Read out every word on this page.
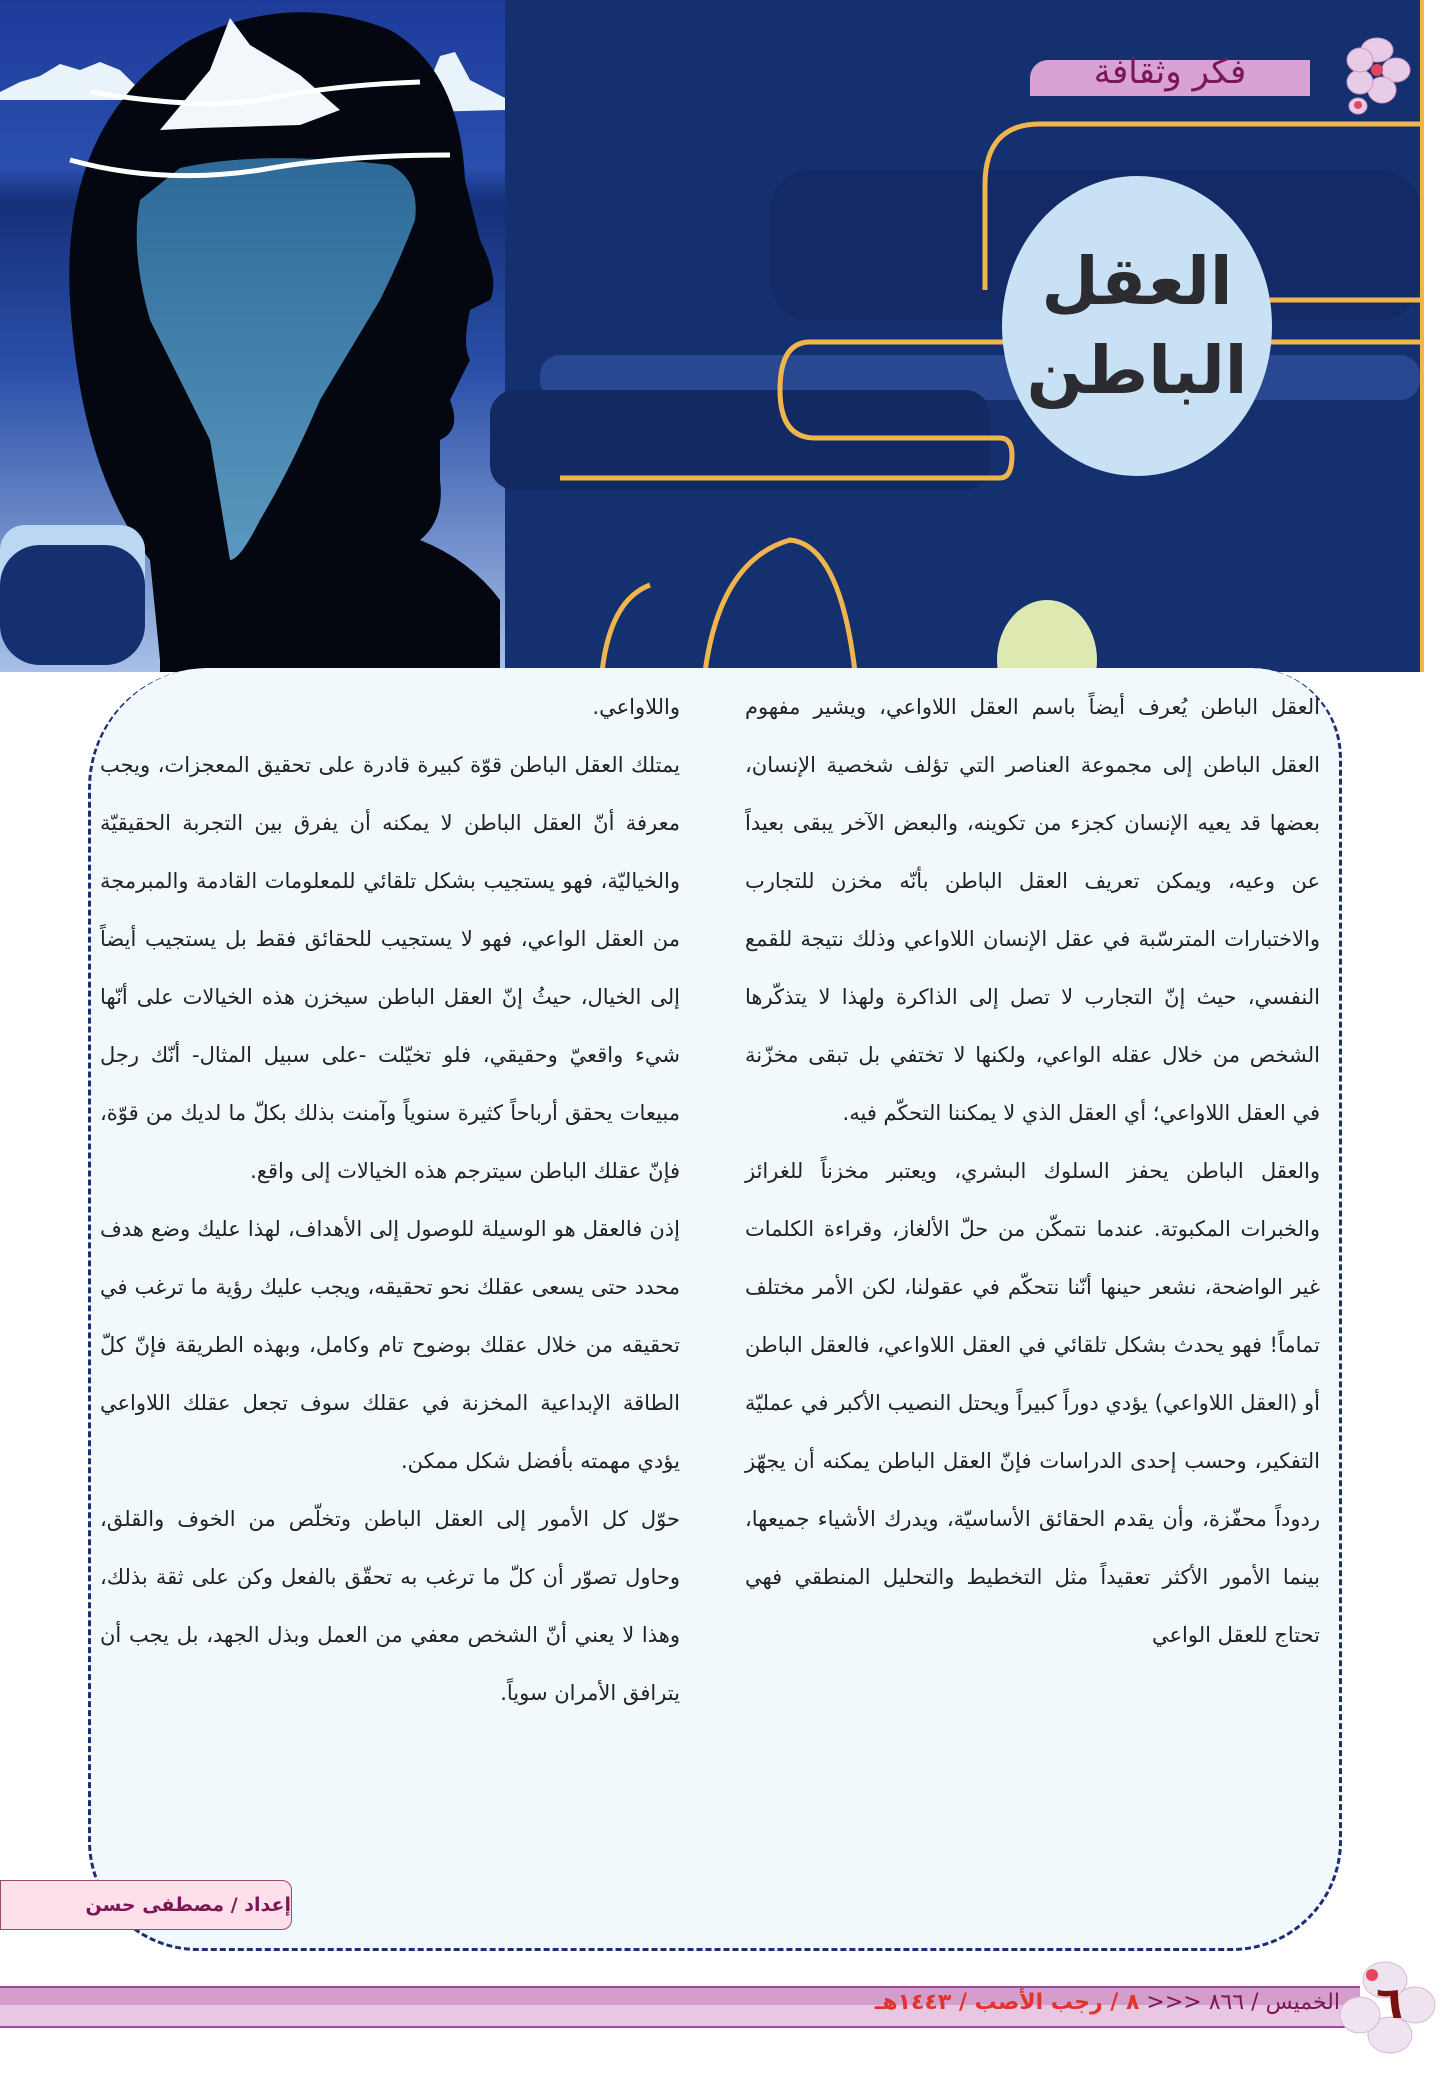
فكر وثقافة
العقل
الباطن

العقل الباطن يُعرف أيضاً باسم العقل اللاواعي، ويشير مفهوم العقل الباطن إلى مجموعة العناصر التي تؤلف شخصية الإنسان، بعضها قد يعيه الإنسان كجزء من تكوينه، والبعض الآخر يبقى بعيداً عن وعيه، ويمكن تعريف العقل الباطن بأنّه مخزن للتجارب والاختبارات المترسّبة في عقل الإنسان اللاواعي وذلك نتيجة للقمع النفسي، حيث إنّ التجارب لا تصل إلى الذاكرة ولهذا لا يتذكّرها الشخص من خلال عقله الواعي، ولكنها لا تختفي بل تبقى مخزّنة في العقل اللاواعي؛ أي العقل الذي لا يمكننا التحكّم فيه.

والعقل الباطن يحفز السلوك البشري، ويعتبر مخزناً للغرائز والخبرات المكبوتة. عندما نتمكّن من حلّ الألغاز، وقراءة الكلمات غير الواضحة، نشعر حينها أنّنا نتحكّم في عقولنا، لكن الأمر مختلف تماماً! فهو يحدث بشكل تلقائي في العقل اللاواعي، فالعقل الباطن أو (العقل اللاواعي) يؤدي دوراً كبيراً ويحتل النصيب الأكبر في عمليّة التفكير، وحسب إحدى الدراسات فإنّ العقل الباطن يمكنه أن يجهّز ردوداً محفّزة، وأن يقدم الحقائق الأساسيّة، ويدرك الأشياء جميعها، بينما الأمور الأكثر تعقيداً مثل التخطيط والتحليل المنطقي فهي تحتاج للعقل الواعي

واللاواعي.

يمتلك العقل الباطن قوّة كبيرة قادرة على تحقيق المعجزات، ويجب معرفة أنّ العقل الباطن لا يمكنه أن يفرق بين التجربة الحقيقيّة والخياليّة، فهو يستجيب بشكل تلقائي للمعلومات القادمة والمبرمجة من العقل الواعي، فهو لا يستجيب للحقائق فقط بل يستجيب أيضاً إلى الخيال، حيثُ إنّ العقل الباطن سيخزن هذه الخيالات على أنّها شيء واقعيّ وحقيقي، فلو تخيّلت -على سبيل المثال- أنّك رجل مبيعات يحقق أرباحاً كثيرة سنوياً وآمنت بذلك بكلّ ما لديك من قوّة، فإنّ عقلك الباطن سيترجم هذه الخيالات إلى واقع.

إذن فالعقل هو الوسيلة للوصول إلى الأهداف، لهذا عليك وضع هدف محدد حتى يسعى عقلك نحو تحقيقه، ويجب عليك رؤية ما ترغب في تحقيقه من خلال عقلك بوضوح تام وكامل، وبهذه الطريقة فإنّ كلّ الطاقة الإبداعية المخزنة في عقلك سوف تجعل عقلك اللاواعي يؤدي مهمته بأفضل شكل ممكن.

حوّل كل الأمور إلى العقل الباطن وتخلّص من الخوف والقلق، وحاول تصوّر أن كلّ ما ترغب به تحقّق بالفعل وكن على ثقة بذلك، وهذا لا يعني أنّ الشخص معفي من العمل وبذل الجهد، بل يجب أن يترافق الأمران سوياً.

إعداد / مصطفى حسن
الخميس / ٨٦٦ <<< ٨ / رجب الأصب / ١٤٤٣هـ	٦
